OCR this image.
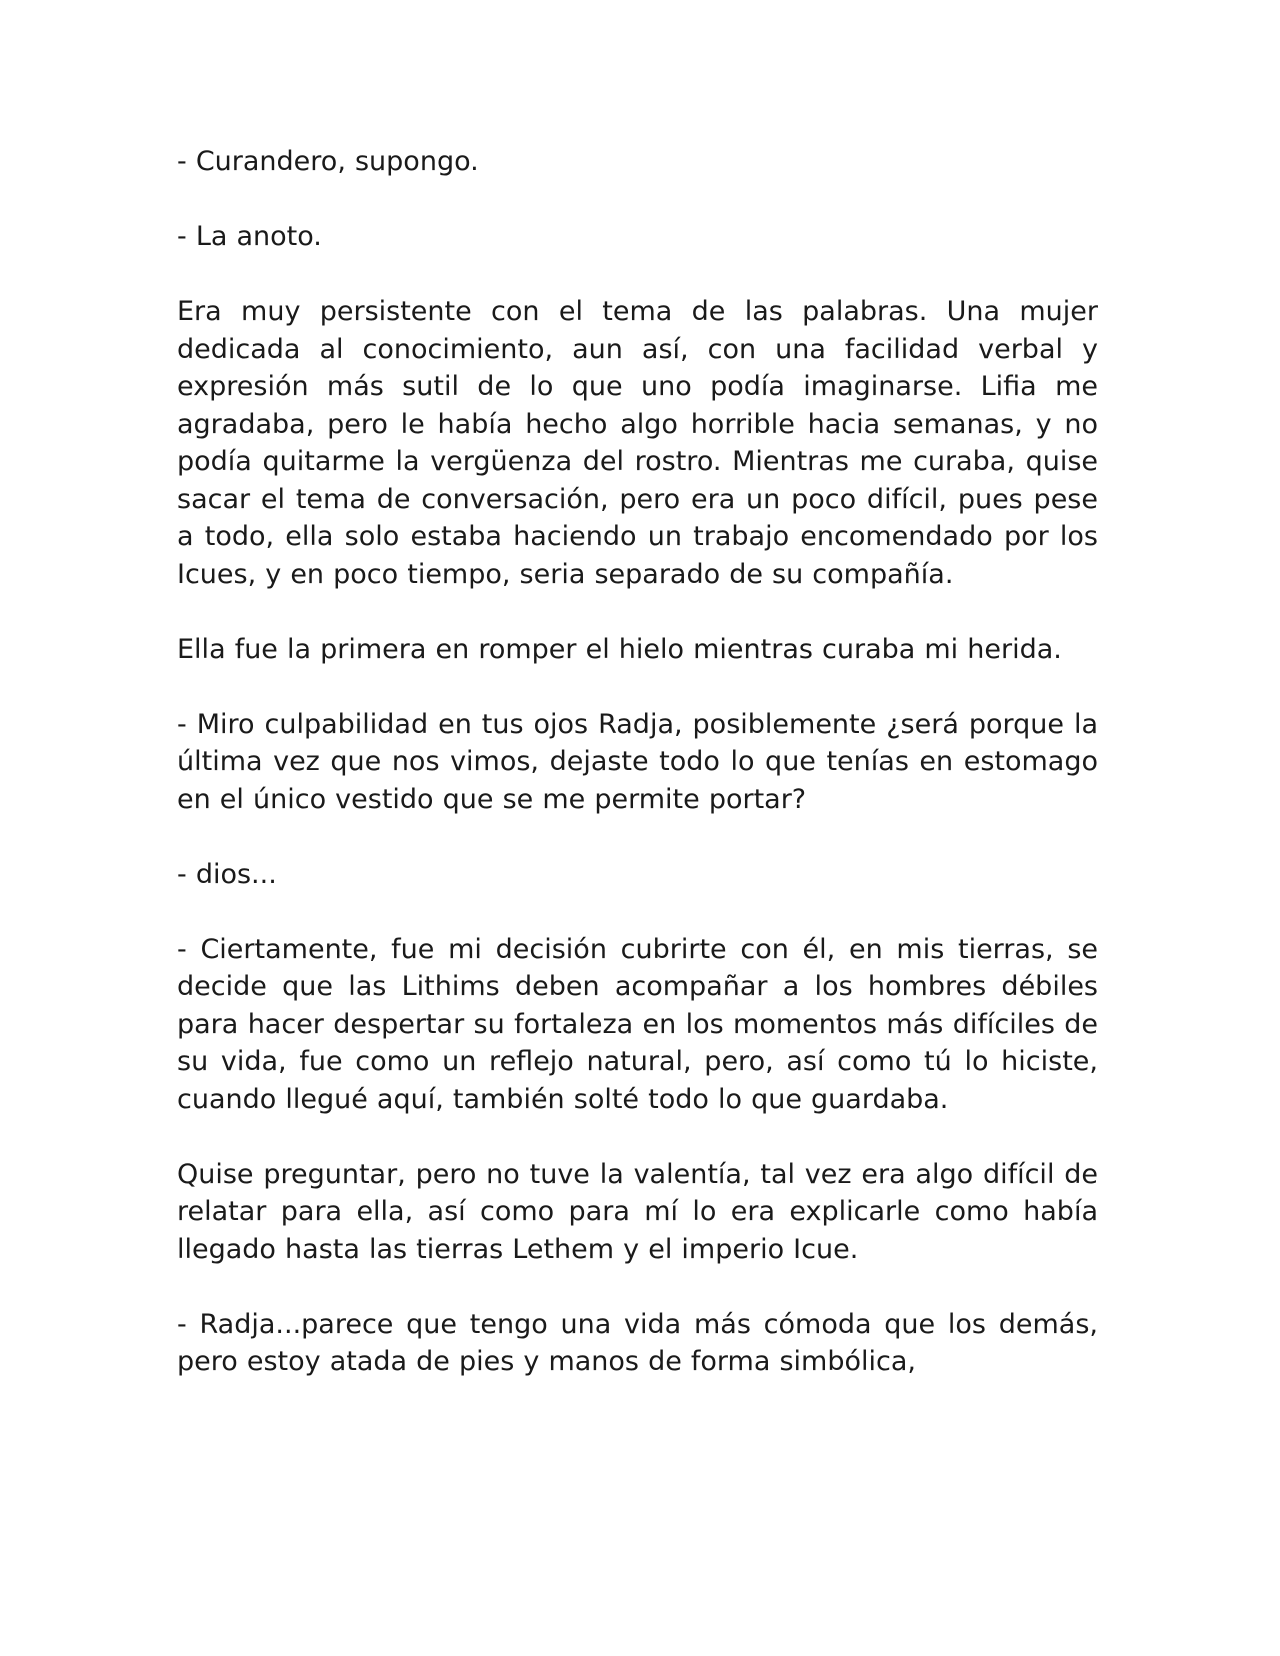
- Curandero, supongo.

- La anoto.

Era muy persistente con el tema de las palabras. Una mujer dedicada al conocimiento, aun así, con una facilidad verbal y expresión más sutil de lo que uno podía imaginarse. Lifia me agradaba, pero le había hecho algo horrible hacia semanas, y no podía quitarme la vergüenza del rostro. Mientras me curaba, quise sacar el tema de conversación, pero era un poco difícil, pues pese a todo, ella solo estaba haciendo un trabajo encomendado por los Icues, y en poco tiempo, seria separado de su compañía.

Ella fue la primera en romper el hielo mientras curaba mi herida.

- Miro culpabilidad en tus ojos Radja, posiblemente ¿será porque la última vez que nos vimos, dejaste todo lo que tenías en estomago en el único vestido que se me permite portar?

- dios...

- Ciertamente, fue mi decisión cubrirte con él, en mis tierras, se decide que las Lithims deben acompañar a los hombres débiles para hacer despertar su fortaleza en los momentos más difíciles de su vida, fue como un reflejo natural, pero, así como tú lo hiciste, cuando llegué aquí, también solté todo lo que guardaba.

Quise preguntar, pero no tuve la valentía, tal vez era algo difícil de relatar para ella, así como para mí lo era explicarle como había llegado hasta las tierras Lethem y el imperio Icue.

- Radja...parece que tengo una vida más cómoda que los demás, pero estoy atada de pies y manos de forma simbólica,
